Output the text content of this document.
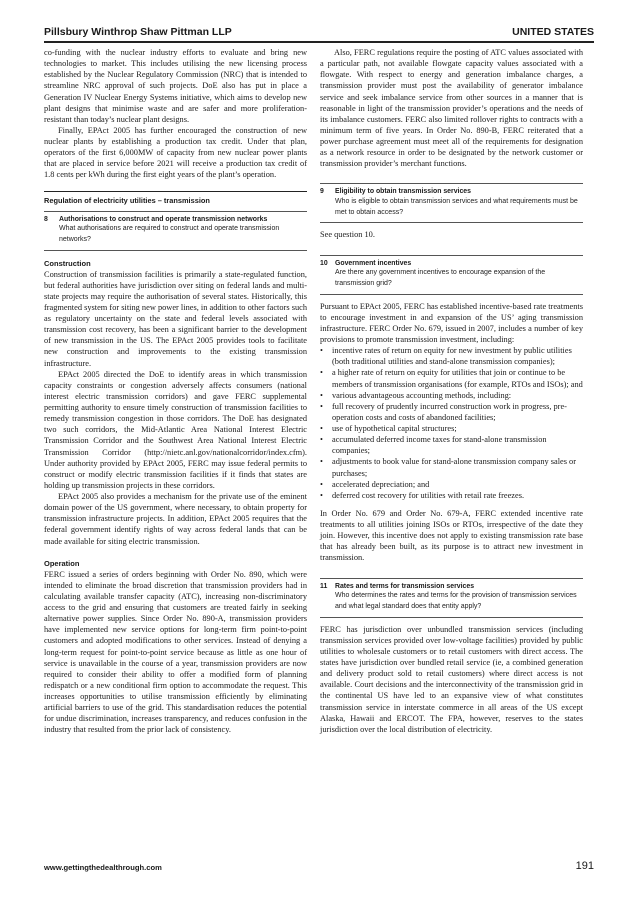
Pillsbury Winthrop Shaw Pittman LLP	UNITED STATES

co-funding with the nuclear industry efforts to evaluate and bring new technologies to market. This includes utilising the new licensing process established by the Nuclear Regulatory Commission (NRC) that is intended to streamline NRC approval of such projects. DoE also has put in place a Generation IV Nuclear Energy Systems initiative, which aims to develop new plant designs that minimise waste and are safer and more proliferation-resistant than today’s nuclear plant designs.

Finally, EPAct 2005 has further encouraged the construction of new nuclear plants by establishing a production tax credit. Under that plan, operators of the first 6,000MW of capacity from new nuclear power plants that are placed in service before 2021 will receive a production tax credit of 1.8 cents per kWh during the first eight years of the plant’s operation.

Regulation of electricity utilities – transmission
8	Authorisations to construct and operate transmission networks
What authorisations are required to construct and operate transmission networks?
Construction

Construction of transmission facilities is primarily a state-regulated function, but federal authorities have jurisdiction over siting on federal lands and multi-state projects may require the authorisation of several states. Historically, this fragmented system for siting new power lines, in addition to other factors such as regulatory uncertainty on the state and federal levels associated with transmission cost recovery, has been a significant barrier to the development of new transmission in the US. The EPAct 2005 provides tools to facilitate new construction and improvements to the existing transmission infrastructure.

EPAct 2005 directed the DoE to identify areas in which transmission capacity constraints or congestion adversely affects consumers (national interest electric transmission corridors) and gave FERC supplemental permitting authority to ensure timely construction of transmission facilities to remedy transmission congestion in those corridors. The DoE has designated two such corridors, the Mid-Atlantic Area National Interest Electric Transmission Corridor and the Southwest Area National Interest Electric Transmission Corridor (http://nietc.anl.gov/nationalcorridor/index.cfm). Under authority provided by EPAct 2005, FERC may issue federal permits to construct or modify electric transmission facilities if it finds that states are holding up transmission projects in these corridors.

EPAct 2005 also provides a mechanism for the private use of the eminent domain power of the US government, where necessary, to obtain property for transmission infrastructure projects. In addition, EPAct 2005 requires that the federal government identify rights of way across federal lands that can be made available for siting electric transmission.

Operation

FERC issued a series of orders beginning with Order No. 890, which were intended to eliminate the broad discretion that transmission providers had in calculating available transfer capacity (ATC), increasing non-discriminatory access to the grid and ensuring that customers are treated fairly in seeking alternative power supplies. Since Order No. 890-A, transmission providers have implemented new service options for long-term firm point-to-point customers and adopted modifications to other services. Instead of denying a long-term request for point-to-point service because as little as one hour of service is unavailable in the course of a year, transmission providers are now required to consider their ability to offer a modified form of planning redispatch or a new conditional firm option to accommodate the request. This increases opportunities to utilise transmission efficiently by eliminating artificial barriers to use of the grid. This standardisation reduces the potential for undue discrimination, increases transparency, and reduces confusion in the industry that resulted from the prior lack of consistency.

Also, FERC regulations require the posting of ATC values associated with a particular path, not available flowgate capacity values associated with a flowgate. With respect to energy and generation imbalance charges, a transmission provider must post the availability of generator imbalance service and seek imbalance service from other sources in a manner that is reasonable in light of the transmission provider’s operations and the needs of its imbalance customers. FERC also limited rollover rights to contracts with a minimum term of five years. In Order No. 890-B, FERC reiterated that a power purchase agreement must meet all of the requirements for designation as a network resource in order to be designated by the network customer or transmission provider’s merchant functions.

9	Eligibility to obtain transmission services
Who is eligible to obtain transmission services and what requirements must be met to obtain access?

See question 10.

10	Government incentives
Are there any government incentives to encourage expansion of the transmission grid?

Pursuant to EPAct 2005, FERC has established incentive-based rate treatments to encourage investment in and expansion of the US’ aging transmission infrastructure. FERC Order No. 679, issued in 2007, includes a number of key provisions to promote transmission investment, including:

• incentive rates of return on equity for new investment by public utilities (both traditional utilities and stand-alone transmission companies);
• a higher rate of return on equity for utilities that join or continue to be members of transmission organisations (for example, RTOs and ISOs); and
• various advantageous accounting methods, including:
• full recovery of prudently incurred construction work in progress, pre-operation costs and costs of abandoned facilities;
• use of hypothetical capital structures;
• accumulated deferred income taxes for stand-alone transmission companies;
• adjustments to book value for stand-alone transmission company sales or purchases;
• accelerated depreciation; and
• deferred cost recovery for utilities with retail rate freezes.

In Order No. 679 and Order No. 679-A, FERC extended incentive rate treatments to all utilities joining ISOs or RTOs, irrespective of the date they join. However, this incentive does not apply to existing transmission rate base that has already been built, as its purpose is to attract new investment in transmission.

11	Rates and terms for transmission services
Who determines the rates and terms for the provision of transmission services and what legal standard does that entity apply?

FERC has jurisdiction over unbundled transmission services (including transmission services provided over low-voltage facilities) provided by public utilities to wholesale customers or to retail customers with direct access. The states have jurisdiction over bundled retail service (ie, a combined generation and delivery product sold to retail customers) where direct access is not available. Court decisions and the interconnectivity of the transmission grid in the continental US have led to an expansive view of what constitutes transmission service in interstate commerce in all areas of the US except Alaska, Hawaii and ERCOT. The FPA, however, reserves to the states jurisdiction over the local distribution of electricity.

www.gettingthedealthrough.com	191
